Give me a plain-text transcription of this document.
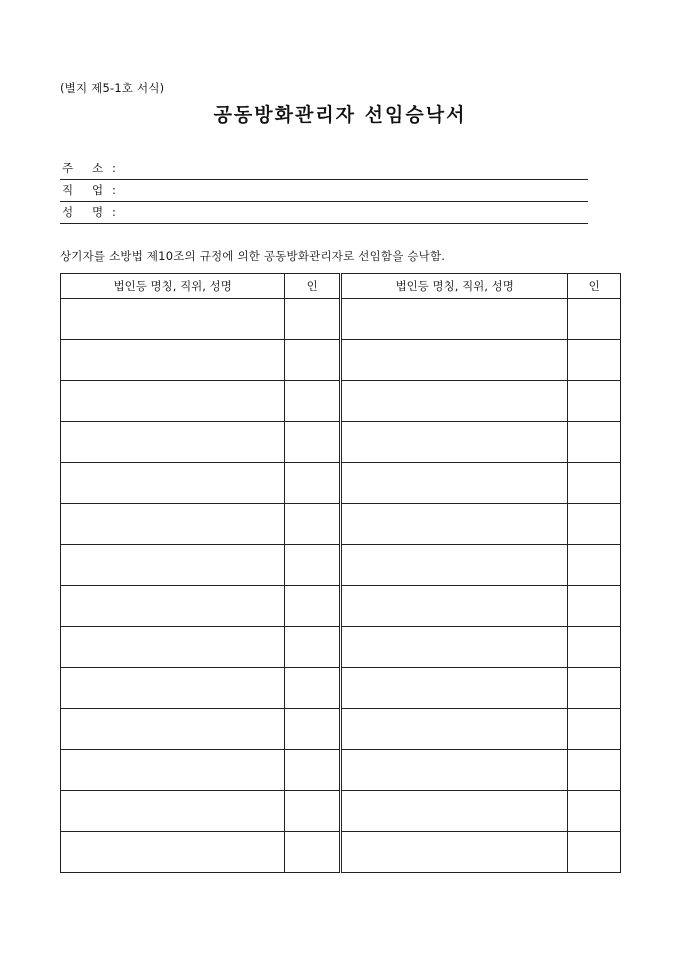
(별지 제5-1호 서식)
공동방화관리자 선임승낙서
주 소 :
직 업 :
성 명 :
상기자를 소방법 제10조의 규정에 의한 공동방화관리자로 선임함을 승낙함.
법인등 명칭, 직위, 성명	인	법인등 명칭, 직위, 성명	인
